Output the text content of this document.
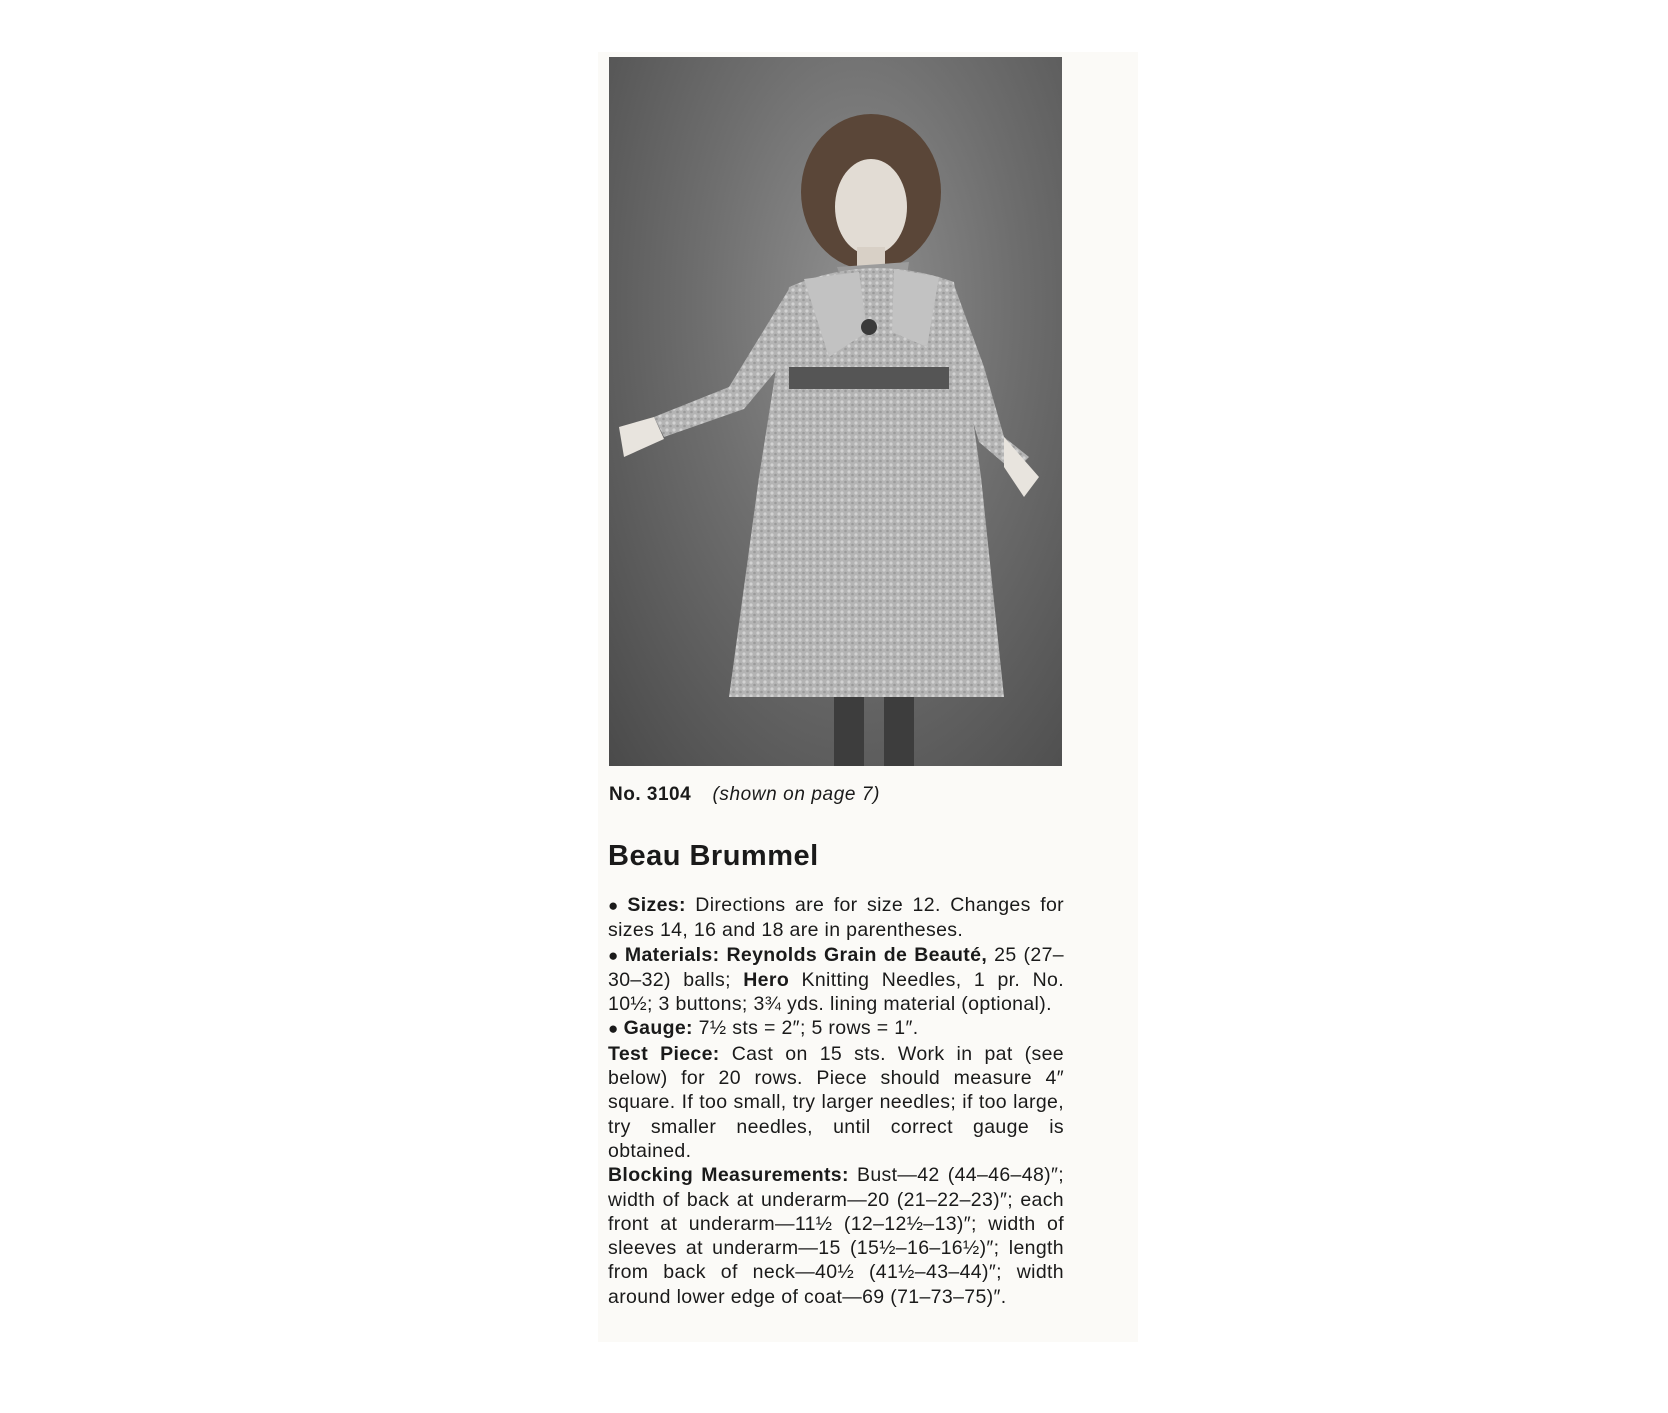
No. 3104 (shown on page 7)
Beau Brummel

● Sizes: Directions are for size 12. Changes for sizes 14, 16 and 18 are in parentheses.

● Materials: Reynolds Grain de Beauté, 25 (27–30–32) balls; Hero Knitting Needles, 1 pr. No. 10½; 3 buttons; 3¾ yds. lining material (optional).

● Gauge: 7½ sts = 2″; 5 rows = 1″.

Test Piece: Cast on 15 sts. Work in pat (see below) for 20 rows. Piece should measure 4″ square. If too small, try larger needles; if too large, try smaller needles, until correct gauge is obtained.

Blocking Measurements: Bust—42 (44–46–48)″; width of back at underarm—20 (21–22–23)″; each front at underarm—11½ (12–12½–13)″; width of sleeves at underarm—15 (15½–16–16½)″; length from back of neck—40½ (41½–43–44)″; width around lower edge of coat—69 (71–73–75)″.
